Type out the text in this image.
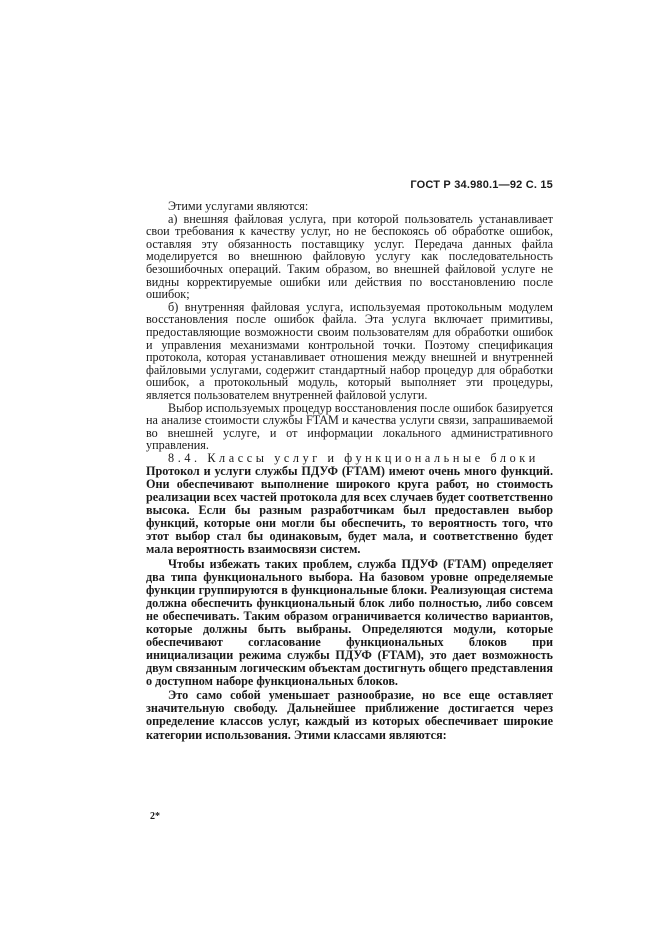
ГОСТ Р 34.980.1—92 С. 15

Этими услугами являются:

а) внешняя файловая услуга, при которой пользователь устанавливает свои требования к качеству услуг, но не беспокоясь об обработке ошибок, оставляя эту обязанность поставщику услуг. Передача данных файла моделируется во внешнюю файловую услугу как последовательность безошибочных операций. Таким образом, во внешней файловой услуге не видны корректируемые ошибки или действия по восстановлению после ошибок;

б) внутренняя файловая услуга, используемая протокольным модулем восстановления после ошибок файла. Эта услуга включает примитивы, предоставляющие возможности своим пользователям для обработки ошибок и управления механизмами контрольной точки. Поэтому спецификация протокола, которая устанавливает отношения между внешней и внутренней файловыми услугами, содержит стандартный набор процедур для обработки ошибок, а протокольный модуль, который выполняет эти процедуры, является пользователем внутренней файловой услуги.

Выбор используемых процедур восстановления после ошибок базируется на анализе стоимости службы FTAM и качества услуги связи, запрашиваемой во внешней услуге, и от информации локального административного управления.

8.4. Классы услуг и функциональные блоки

Протокол и услуги службы ПДУФ (FTAM) имеют очень много функций. Они обеспечивают выполнение широкого круга работ, но стоимость реализации всех частей протокола для всех случаев будет соответственно высока. Если бы разным разработчикам был предоставлен выбор функций, которые они могли бы обеспечить, то вероятность того, что этот выбор стал бы одинаковым, будет мала, и соответственно будет мала вероятность взаимосвязи систем.

Чтобы избежать таких проблем, служба ПДУФ (FTAM) определяет два типа функционального выбора. На базовом уровне определяемые функции группируются в функциональные блоки. Реализующая система должна обеспечить функциональный блок либо полностью, либо совсем не обеспечивать. Таким образом ограничивается количество вариантов, которые должны быть выбраны. Определяются модули, которые обеспечивают согласование функциональных блоков при инициализации режима службы ПДУФ (FTAM), это дает возможность двум связанным логическим объектам достигнуть общего представления о доступном наборе функциональных блоков.

Это само собой уменьшает разнообразие, но все еще оставляет значительную свободу. Дальнейшее приближение достигается через определение классов услуг, каждый из которых обеспечивает широкие категории использования. Этими классами являются:

2*
